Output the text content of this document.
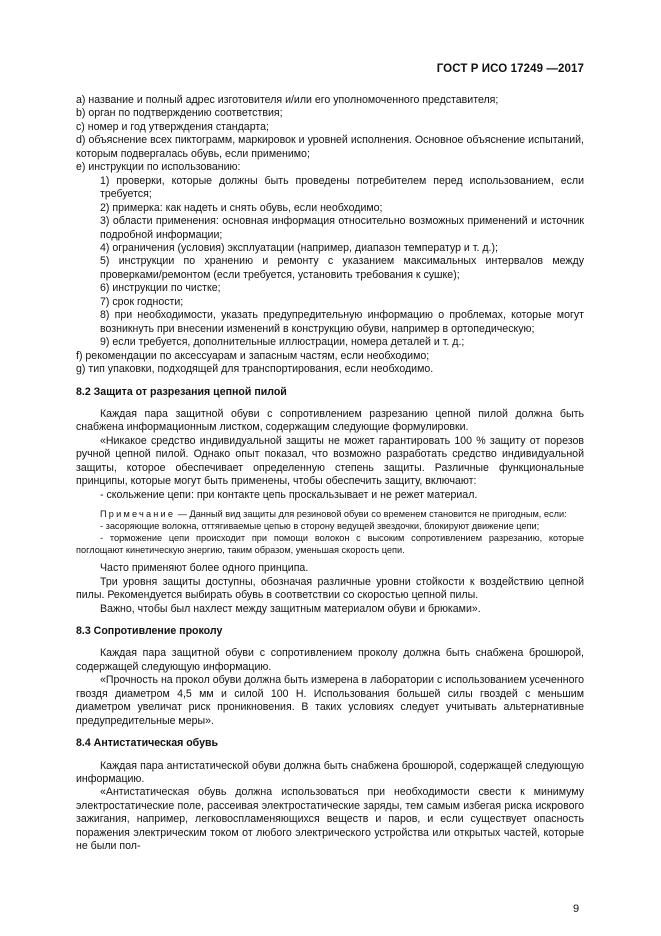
ГОСТ Р ИСО 17249 —2017

a) название и полный адрес изготовителя и/или его уполномоченного представителя;

b) орган по подтверждению соответствия;

c) номер и год утверждения стандарта;

d) объяснение всех пиктограмм, маркировок и уровней исполнения. Основное объяснение испытаний, которым подвергалась обувь, если применимо;

e) инструкции по использованию:

1) проверки, которые должны быть проведены потребителем перед использованием, если требуется;

2) примерка: как надеть и снять обувь, если необходимо;

3) области применения: основная информация относительно возможных применений и источник подробной информации;

4) ограничения (условия) эксплуатации (например, диапазон температур и т. д.);

5) инструкции по хранению и ремонту с указанием максимальных интервалов между проверками/ремонтом (если требуется, установить требования к сушке);

6) инструкции по чистке;

7) срок годности;

8) при необходимости, указать предупредительную информацию о проблемах, которые могут возникнуть при внесении изменений в конструкцию обуви, например в ортопедическую;

9) если требуется, дополнительные иллюстрации, номера деталей и т. д.;

f) рекомендации по аксессуарам и запасным частям, если необходимо;

g) тип упаковки, подходящей для транспортирования, если необходимо.

8.2 Защита от разрезания цепной пилой

Каждая пара защитной обуви с сопротивлением разрезанию цепной пилой должна быть снабжена информационным листком, содержащим следующие формулировки.

«Никакое средство индивидуальной защиты не может гарантировать 100 % защиту от порезов ручной цепной пилой. Однако опыт показал, что возможно разработать средство индивидуальной защиты, которое обеспечивает определенную степень защиты. Различные функциональные принципы, которые могут быть применены, чтобы обеспечить защиту, включают:

- скольжение цепи: при контакте цепь проскальзывает и не режет материал.

Примечание — Данный вид защиты для резиновой обуви со временем становится не пригодным, если:

- засоряющие волокна, оттягиваемые цепью в сторону ведущей звездочки, блокируют движение цепи;

- торможение цепи происходит при помощи волокон с высоким сопротивлением разрезанию, которые поглощают кинетическую энергию, таким образом, уменьшая скорость цепи.

Часто применяют более одного принципа.

Три уровня защиты доступны, обозначая различные уровни стойкости к воздействию цепной пилы. Рекомендуется выбирать обувь в соответствии со скоростью цепной пилы.

Важно, чтобы был нахлест между защитным материалом обуви и брюками».

8.3 Сопротивление проколу

Каждая пара защитной обуви с сопротивлением проколу должна быть снабжена брошюрой, содержащей следующую информацию.

«Прочность на прокол обуви должна быть измерена в лаборатории с использованием усеченного гвоздя диаметром 4,5 мм и силой 100 Н. Использования большей силы гвоздей с меньшим диаметром увеличат риск проникновения. В таких условиях следует учитывать альтернативные предупредительные меры».

8.4 Антистатическая обувь

Каждая пара антистатической обуви должна быть снабжена брошюрой, содержащей следующую информацию.

«Антистатическая обувь должна использоваться при необходимости свести к минимуму электростатические поле, рассеивая электростатические заряды, тем самым избегая риска искрового зажигания, например, легковоспламеняющихся веществ и паров, и если существует опасность поражения электрическим током от любого электрического устройства или открытых частей, которые не были пол-

9
